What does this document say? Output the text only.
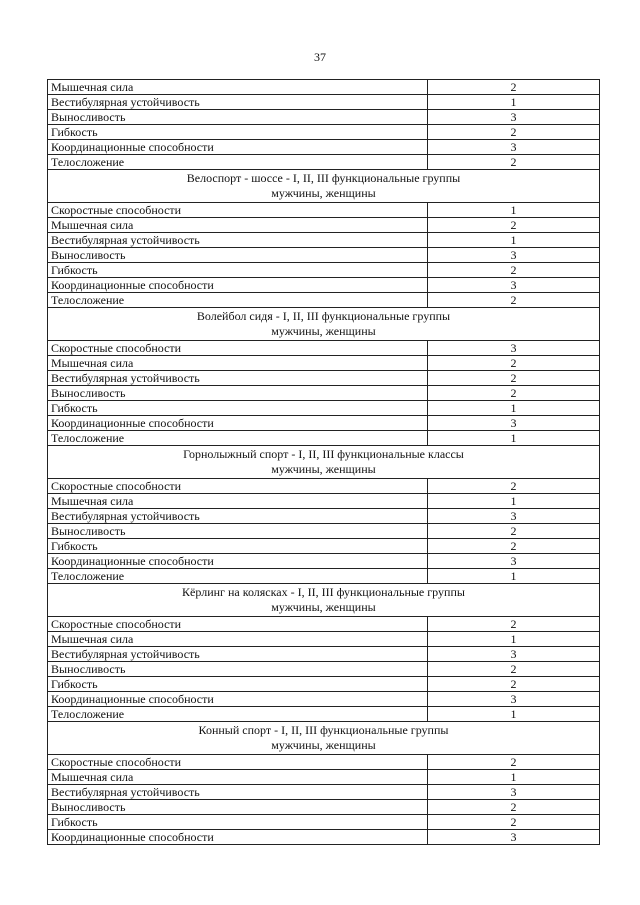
37
Мышечная сила	2
Вестибулярная устойчивость	1
Выносливость	3
Гибкость	2
Координационные способности	3
Телосложение	2

Велоспорт - шоссе - I, II, III функциональные группы
мужчины, женщины	

Скоростные способности	1
Мышечная сила	2
Вестибулярная устойчивость	1
Выносливость	3
Гибкость	2
Координационные способности	3
Телосложение	2

Волейбол сидя - I, II, III функциональные группы
мужчины, женщины	

Скоростные способности	3
Мышечная сила	2
Вестибулярная устойчивость	2
Выносливость	2
Гибкость	1
Координационные способности	3
Телосложение	1

Горнолыжный спорт - I, II, III функциональные классы
мужчины, женщины	

Скоростные способности	2
Мышечная сила	1
Вестибулярная устойчивость	3
Выносливость	2
Гибкость	2
Координационные способности	3
Телосложение	1

Кёрлинг на колясках - I, II, III функциональные группы
мужчины, женщины	

Скоростные способности	2
Мышечная сила	1
Вестибулярная устойчивость	3
Выносливость	2
Гибкость	2
Координационные способности	3
Телосложение	1

Конный спорт - I, II, III функциональные группы
мужчины, женщины	

Скоростные способности	2
Мышечная сила	1
Вестибулярная устойчивость	3
Выносливость	2
Гибкость	2
Координационные способности	3
